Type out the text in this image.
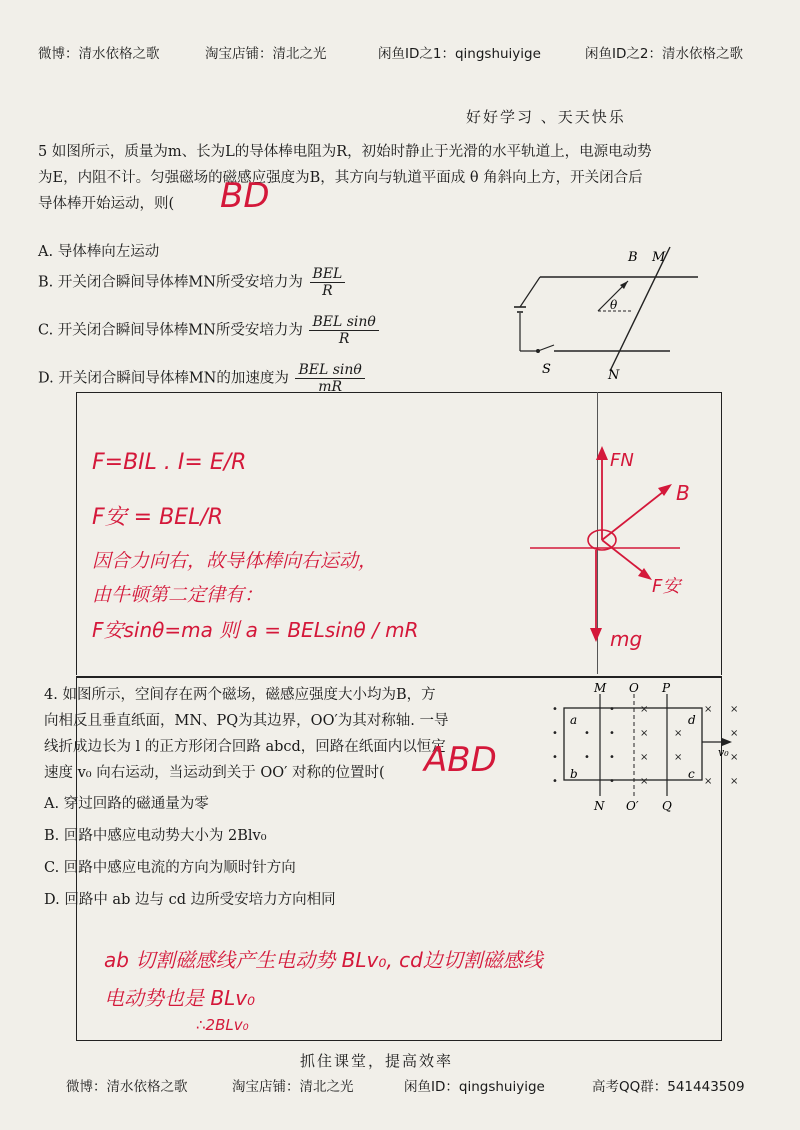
微博：清水依格之歌	淘宝店铺：清北之光	闲鱼ID之1：qingshuiyige	闲鱼ID之2：清水依格之歌
好好学习 、天天快乐
5 如图所示，质量为m、长为L的导体棒电阻为R，初始时静止于光滑的水平轨道上，电源电动势
为E，内阻不计。匀强磁场的磁感应强度为B，其方向与轨道平面成 θ 角斜向上方，开关闭合后
导体棒开始运动，则( BD
A. 导体棒向左运动
B. 开关闭合瞬间导体棒MN所受安培力为 $\frac{\text{BEL}}{R}$
C. 开关闭合瞬间导体棒MN所受安培力为 $\frac{\text{BEL sinθ}}{R}$
D. 开关闭合瞬间导体棒MN的加速度为 $\frac{\text{BEL sinθ}}{mR}$
B M
θ
S	N
F=BIL . I= E/R
F安 = BEL/R
因合力向右，故导体棒向右运动，
由牛顿第二定律有：
F安sinθ=ma 则 a = BELsinθ / mR
FN
B
F安
mg
4. 如图所示，空间存在两个磁场，磁感应强度大小均为B，方
向相反且垂直纸面，MN、PQ为其边界，OO′为其对称轴. 一导
线折成边长为 l 的正方形闭合回路 abcd，回路在纸面内以恒定
速度 v₀ 向右运动，当运动到关于 OO′ 对称的位置时( ABD
A. 穿过回路的磁通量为零
B. 回路中感应电动势大小为 2Blv₀
C. 回路中感应电流的方向为顺时针方向
D. 回路中 ab 边与 cd 边所受安培力方向相同
M O P
N O′ Q
a
b	c
d
v₀
•
•
•
•
•
•
•
•
•
•
×
×
×
×
×
×
×
×
×
×
×
×
ab 切割磁感线产生电动势 BLv₀, cd边切割磁感线
电动势也是 BLv₀
∴2BLv₀
抓住课堂，提高效率
微博：清水依格之歌	淘宝店铺：清北之光	闲鱼ID：qingshuiyige	高考QQ群：541443509
